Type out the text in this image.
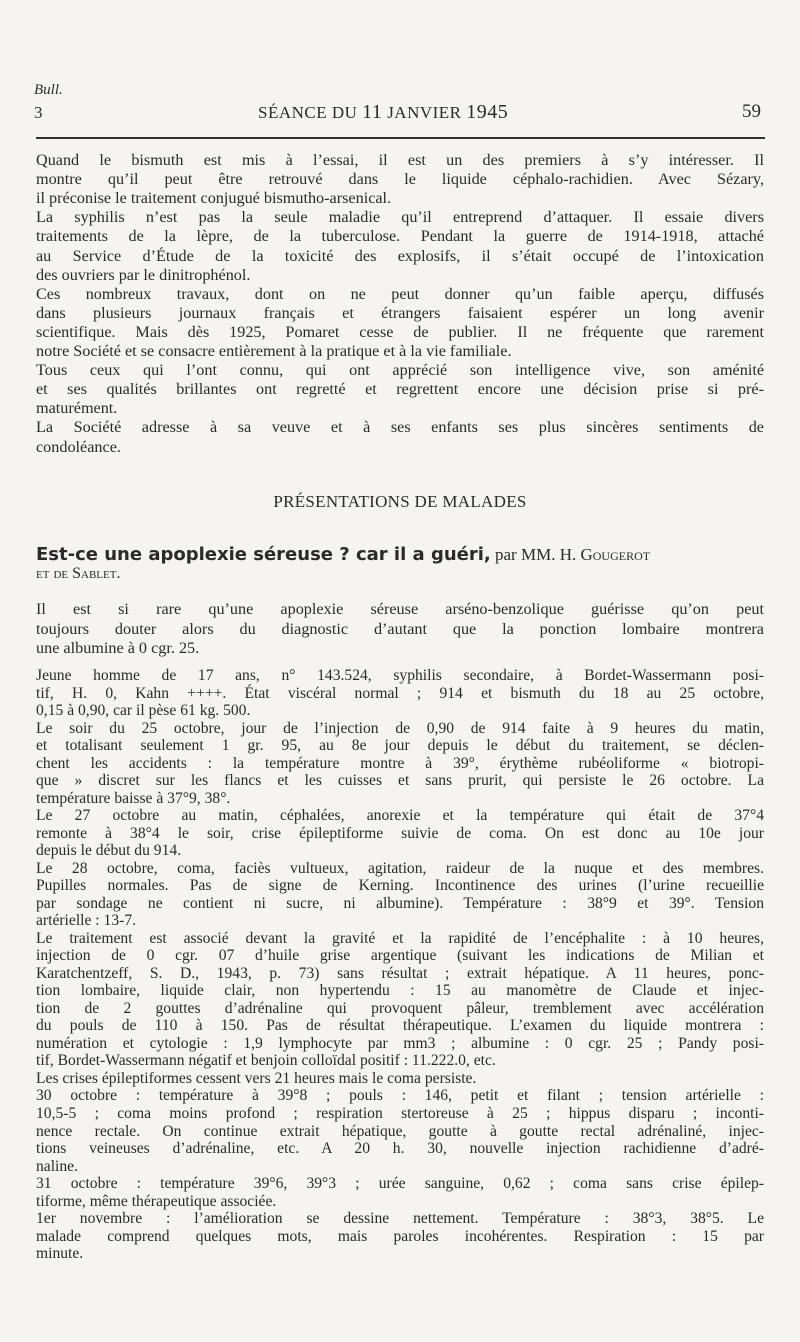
Bull.
3	SÉANCE DU 11 JANVIER 1945	59
Quand le bismuth est mis à l’essai, il est un des premiers à s’y intéresser. Il
montre qu’il peut être retrouvé dans le liquide céphalo-rachidien. Avec Sézary,
il préconise le traitement conjugué bismutho-arsenical.
La syphilis n’est pas la seule maladie qu’il entreprend d’attaquer. Il essaie divers
traitements de la lèpre, de la tuberculose. Pendant la guerre de 1914-1918, attaché
au Service d’Étude de la toxicité des explosifs, il s’était occupé de l’intoxication
des ouvriers par le dinitrophénol.
Ces nombreux travaux, dont on ne peut donner qu’un faible aperçu, diffusés
dans plusieurs journaux français et étrangers faisaient espérer un long avenir
scientifique. Mais dès 1925, Pomaret cesse de publier. Il ne fréquente que rarement
notre Société et se consacre entièrement à la pratique et à la vie familiale.
Tous ceux qui l’ont connu, qui ont apprécié son intelligence vive, son aménité
et ses qualités brillantes ont regretté et regrettent encore une décision prise si pré-
maturément.
La Société adresse à sa veuve et à ses enfants ses plus sincères sentiments de
condoléance.
PRÉSENTATIONS DE MALADES
Est-ce une apoplexie séreuse ? car il a guéri, par MM. H. Gougerot
et de Sablet.
Il est si rare qu’une apoplexie séreuse arséno-benzolique guérisse qu’on peut
toujours douter alors du diagnostic d’autant que la ponction lombaire montrera
une albumine à 0 cgr. 25.
Jeune homme de 17 ans, n° 143.524, syphilis secondaire, à Bordet-Wassermann posi-
tif, H. 0, Kahn ++++. État viscéral normal ; 914 et bismuth du 18 au 25 octobre,
0,15 à 0,90, car il pèse 61 kg. 500.
Le soir du 25 octobre, jour de l’injection de 0,90 de 914 faite à 9 heures du matin,
et totalisant seulement 1 gr. 95, au 8e jour depuis le début du traitement, se déclen-
chent les accidents : la température montre à 39°, érythème rubéoliforme « biotropi-
que » discret sur les flancs et les cuisses et sans prurit, qui persiste le 26 octobre. La
température baisse à 37°9, 38°.
Le 27 octobre au matin, céphalées, anorexie et la température qui était de 37°4
remonte à 38°4 le soir, crise épileptiforme suivie de coma. On est donc au 10e jour
depuis le début du 914.
Le 28 octobre, coma, faciès vultueux, agitation, raideur de la nuque et des membres.
Pupilles normales. Pas de signe de Kerning. Incontinence des urines (l’urine recueillie
par sondage ne contient ni sucre, ni albumine). Température : 38°9 et 39°. Tension
artérielle : 13-7.
Le traitement est associé devant la gravité et la rapidité de l’encéphalite : à 10 heures,
injection de 0 cgr. 07 d’huile grise argentique (suivant les indications de Milian et
Karatchentzeff, S. D., 1943, p. 73) sans résultat ; extrait hépatique. A 11 heures, ponc-
tion lombaire, liquide clair, non hypertendu : 15 au manomètre de Claude et injec-
tion de 2 gouttes d’adrénaline qui provoquent pâleur, tremblement avec accélération
du pouls de 110 à 150. Pas de résultat thérapeutique. L’examen du liquide montrera :
numération et cytologie : 1,9 lymphocyte par mm3 ; albumine : 0 cgr. 25 ; Pandy posi-
tif, Bordet-Wassermann négatif et benjoin colloïdal positif : 11.222.0, etc.
Les crises épileptiformes cessent vers 21 heures mais le coma persiste.
30 octobre : température à 39°8 ; pouls : 146, petit et filant ; tension artérielle :
10,5-5 ; coma moins profond ; respiration stertoreuse à 25 ; hippus disparu ; inconti-
nence rectale. On continue extrait hépatique, goutte à goutte rectal adrénaliné, injec-
tions veineuses d’adrénaline, etc. A 20 h. 30, nouvelle injection rachidienne d’adré-
naline.
31 octobre : température 39°6, 39°3 ; urée sanguine, 0,62 ; coma sans crise épilep-
tiforme, même thérapeutique associée.
1er novembre : l’amélioration se dessine nettement. Température : 38°3, 38°5. Le
malade comprend quelques mots, mais paroles incohérentes. Respiration : 15 par
minute.
